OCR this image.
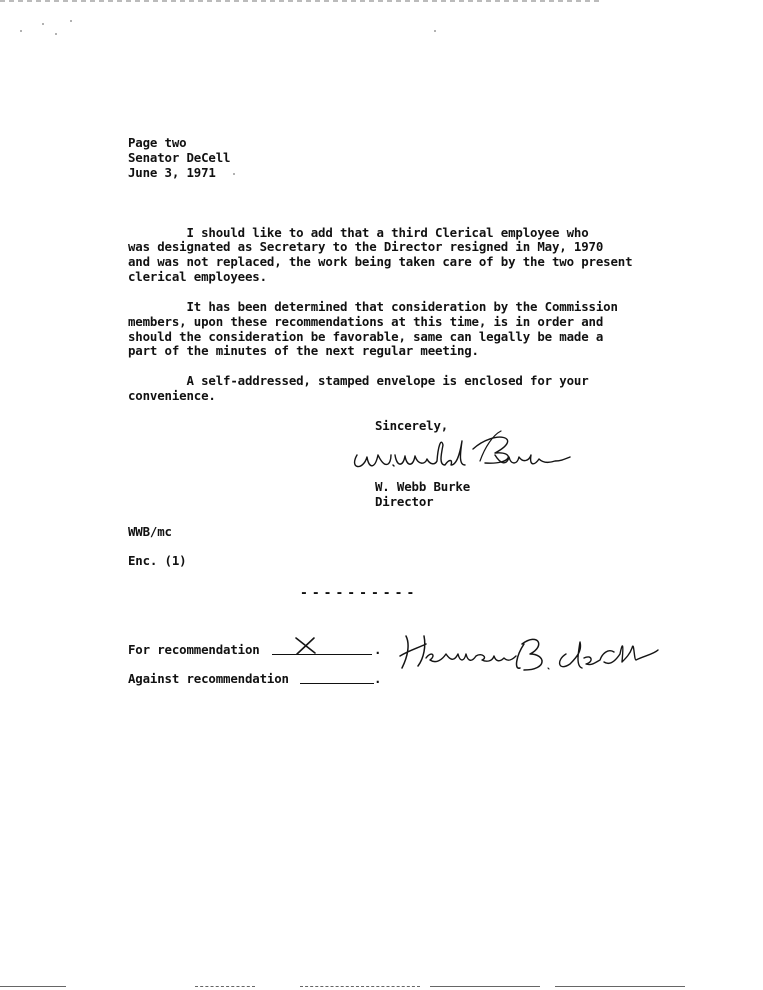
Page two
Senator DeCell
June 3, 1971
I should like to add that a third Clerical employee who
was designated as Secretary to the Director resigned in May, 1970
and was not replaced, the work being taken care of by the two present
clerical employees.
It has been determined that consideration by the Commission
members, upon these recommendations at this time, is in order and
should the consideration be favorable, same can legally be made a
part of the minutes of the next regular meeting.
A self-addressed, stamped envelope is enclosed for your
convenience.
Sincerely,
W. Webb Burke
Director
WWB/mc
Enc. (1)
----------
For recommendation	.
Against recommendation	.
